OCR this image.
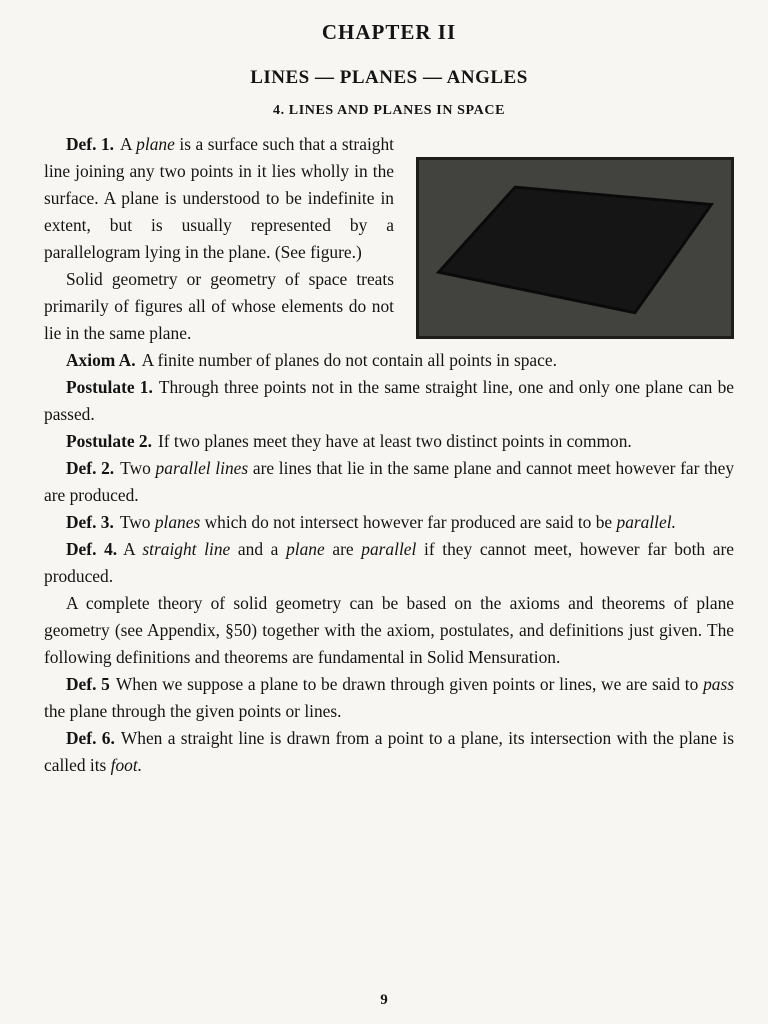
CHAPTER II
LINES — PLANES — ANGLES
4. LINES AND PLANES IN SPACE

Def. 1. A plane is a surface such that a straight line joining any two points in it lies wholly in the surface. A plane is understood to be indefinite in extent, but is usually represented by a parallelogram lying in the plane. (See figure.)

Solid geometry or geometry of space treats primarily of figures all of whose elements do not lie in the same plane.

Axiom A. A finite number of planes do not contain all points in space.

Postulate 1. Through three points not in the same straight line, one and only one plane can be passed.

Postulate 2. If two planes meet they have at least two distinct points in common.

Def. 2. Two parallel lines are lines that lie in the same plane and cannot meet however far they are produced.

Def. 3. Two planes which do not intersect however far produced are said to be parallel.

Def. 4. A straight line and a plane are parallel if they cannot meet, however far both are produced.

A complete theory of solid geometry can be based on the axioms and theorems of plane geometry (see Appendix, §50) together with the axiom, postulates, and definitions just given. The following definitions and theorems are fundamental in Solid Mensuration.

Def. 5 When we suppose a plane to be drawn through given points or lines, we are said to pass the plane through the given points or lines.

Def. 6. When a straight line is drawn from a point to a plane, its intersection with the plane is called its foot.

9
